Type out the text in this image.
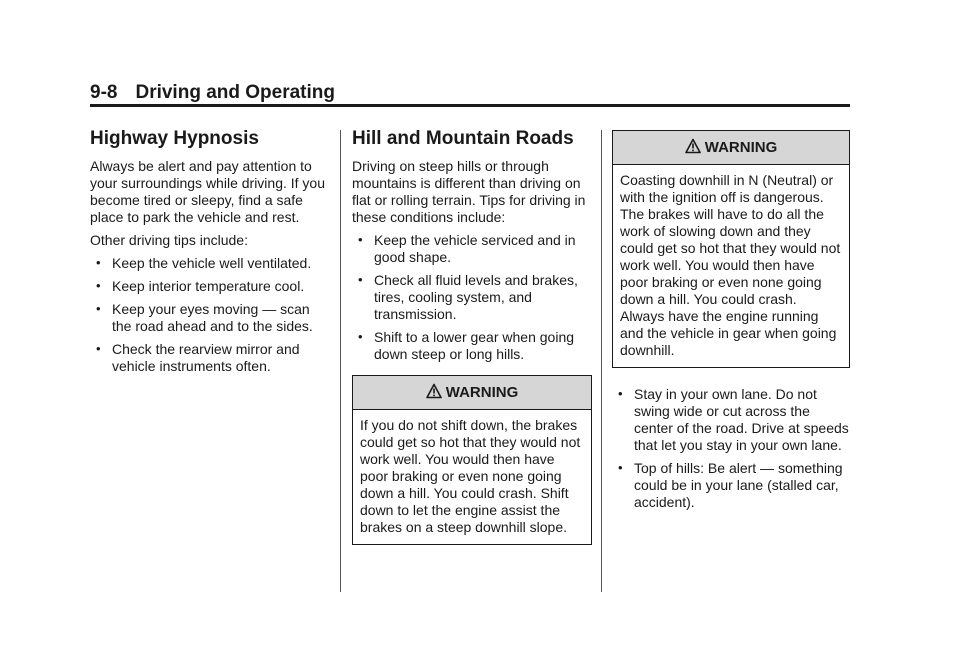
9-8 Driving and Operating
Highway Hypnosis

Always be alert and pay attention to your surroundings while driving. If you become tired or sleepy, find a safe place to park the vehicle and rest.

Other driving tips include:

• Keep the vehicle well ventilated.
• Keep interior temperature cool.
• Keep your eyes moving — scan the road ahead and to the sides.
• Check the rearview mirror and vehicle instruments often.
Hill and Mountain Roads

Driving on steep hills or through mountains is different than driving on flat or rolling terrain. Tips for driving in these conditions include:

• Keep the vehicle serviced and in good shape.
• Check all fluid levels and brakes, tires, cooling system, and transmission.
• Shift to a lower gear when going down steep or long hills.
WARNING
If you do not shift down, the brakes could get so hot that they would not work well. You would then have poor braking or even none going down a hill. You could crash. Shift down to let the engine assist the brakes on a steep downhill slope.
WARNING
Coasting downhill in N (Neutral) or with the ignition off is dangerous. The brakes will have to do all the work of slowing down and they could get so hot that they would not work well. You would then have poor braking or even none going down a hill. You could crash. Always have the engine running and the vehicle in gear when going downhill.
• Stay in your own lane. Do not swing wide or cut across the center of the road. Drive at speeds that let you stay in your own lane.
• Top of hills: Be alert — something could be in your lane (stalled car, accident).
